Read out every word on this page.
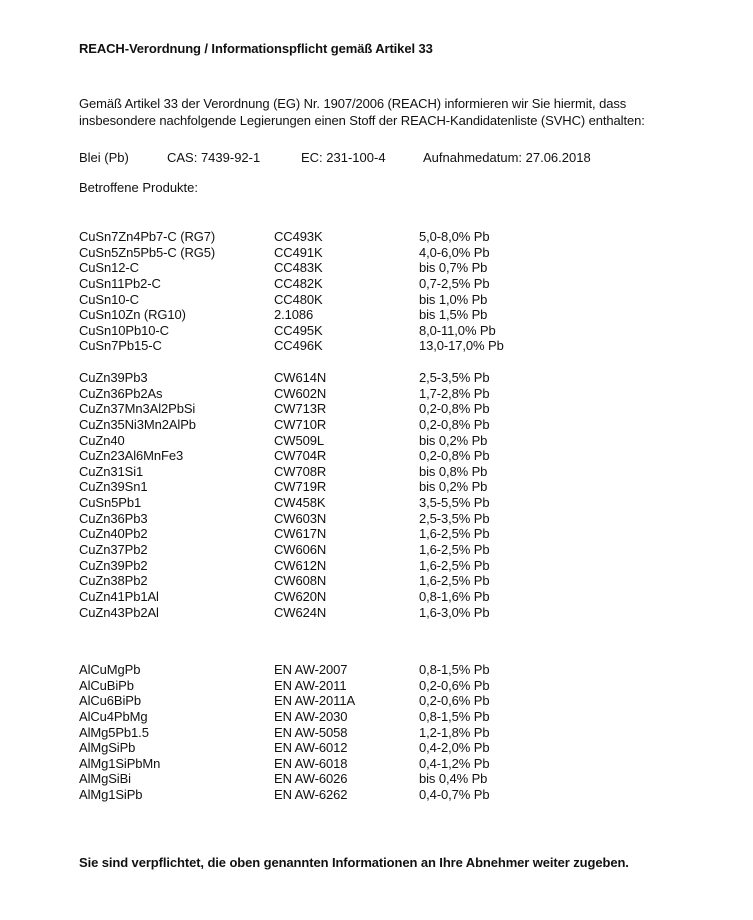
REACH-Verordnung / Informationspflicht gemäß Artikel 33
Gemäß Artikel 33 der Verordnung (EG) Nr. 1907/2006 (REACH) informieren wir Sie hiermit, dass
insbesondere nachfolgende Legierungen einen Stoff der REACH-Kandidatenliste (SVHC) enthalten:
Blei (Pb)	CAS: 7439-92-1	EC: 231-100-4	Aufnahmedatum: 27.06.2018
Betroffene Produkte:
CuSn7Zn4Pb7-C (RG7)	CC493K	5,0-8,0% Pb
CuSn5Zn5Pb5-C (RG5)	CC491K	4,0-6,0% Pb
CuSn12-C	CC483K	bis 0,7% Pb
CuSn11Pb2-C	CC482K	0,7-2,5% Pb
CuSn10-C	CC480K	bis 1,0% Pb
CuSn10Zn (RG10)	2.1086	bis 1,5% Pb
CuSn10Pb10-C	CC495K	8,0-11,0% Pb
CuSn7Pb15-C	CC496K	13,0-17,0% Pb
CuZn39Pb3	CW614N	2,5-3,5% Pb
CuZn36Pb2As	CW602N	1,7-2,8% Pb
CuZn37Mn3Al2PbSi	CW713R	0,2-0,8% Pb
CuZn35Ni3Mn2AlPb	CW710R	0,2-0,8% Pb
CuZn40	CW509L	bis 0,2% Pb
CuZn23Al6MnFe3	CW704R	0,2-0,8% Pb
CuZn31Si1	CW708R	bis 0,8% Pb
CuZn39Sn1	CW719R	bis 0,2% Pb
CuSn5Pb1	CW458K	3,5-5,5% Pb
CuZn36Pb3	CW603N	2,5-3,5% Pb
CuZn40Pb2	CW617N	1,6-2,5% Pb
CuZn37Pb2	CW606N	1,6-2,5% Pb
CuZn39Pb2	CW612N	1,6-2,5% Pb
CuZn38Pb2	CW608N	1,6-2,5% Pb
CuZn41Pb1Al	CW620N	0,8-1,6% Pb
CuZn43Pb2Al	CW624N	1,6-3,0% Pb
AlCuMgPb	EN AW-2007	0,8-1,5% Pb
AlCuBiPb	EN AW-2011	0,2-0,6% Pb
AlCu6BiPb	EN AW-2011A	0,2-0,6% Pb
AlCu4PbMg	EN AW-2030	0,8-1,5% Pb
AlMg5Pb1.5	EN AW-5058	1,2-1,8% Pb
AlMgSiPb	EN AW-6012	0,4-2,0% Pb
AlMg1SiPbMn	EN AW-6018	0,4-1,2% Pb
AlMgSiBi	EN AW-6026	bis 0,4% Pb
AlMg1SiPb	EN AW-6262	0,4-0,7% Pb
Sie sind verpflichtet, die oben genannten Informationen an Ihre Abnehmer weiter zugeben.
